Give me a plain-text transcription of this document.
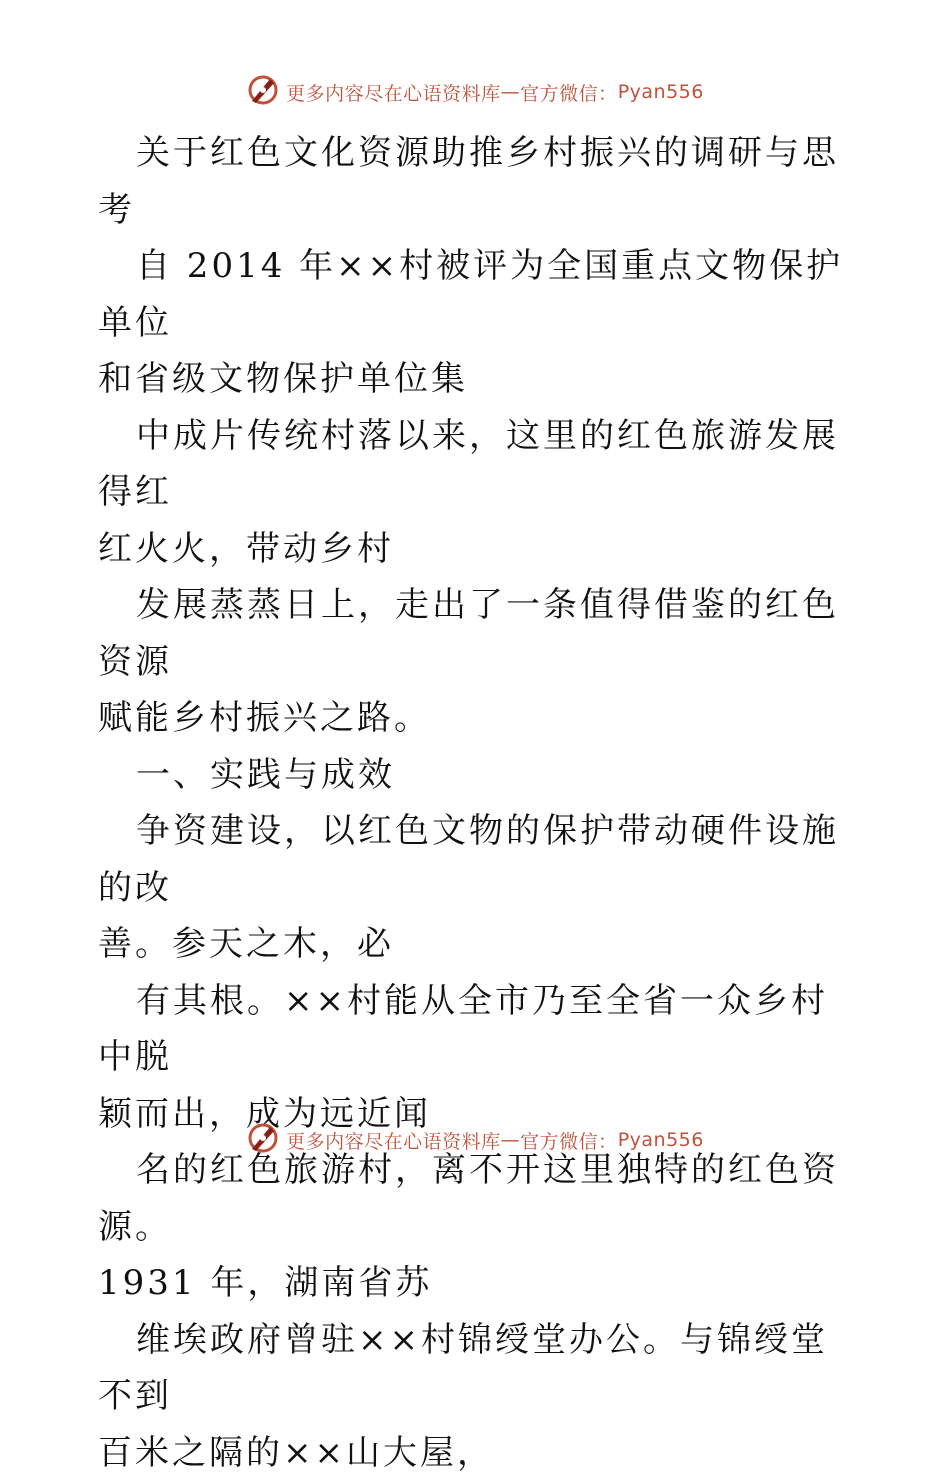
更多内容尽在心语资料库 — 官方微信： Pyan556

关于红色文化资源助推乡村振兴的调研与思考

自 2014 年××村被评为全国重点文物保护单位

和省级文物保护单位集

中成片传统村落以来，这里的红色旅游发展得红

红火火，带动乡村

发展蒸蒸日上，走出了一条值得借鉴的红色资源

赋能乡村振兴之路。

一、实践与成效

争资建设，以红色文物的保护带动硬件设施的改

善。参天之木，必

有其根。××村能从全市乃至全省一众乡村中脱

颖而出，成为远近闻

名的红色旅游村，离不开这里独特的红色资源。

1931 年，湖南省苏

维埃政府曾驻××村锦绶堂办公。与锦绶堂不到

百米之隔的××山大屋，

更多内容尽在心语资料库 — 官方微信： Pyan556
